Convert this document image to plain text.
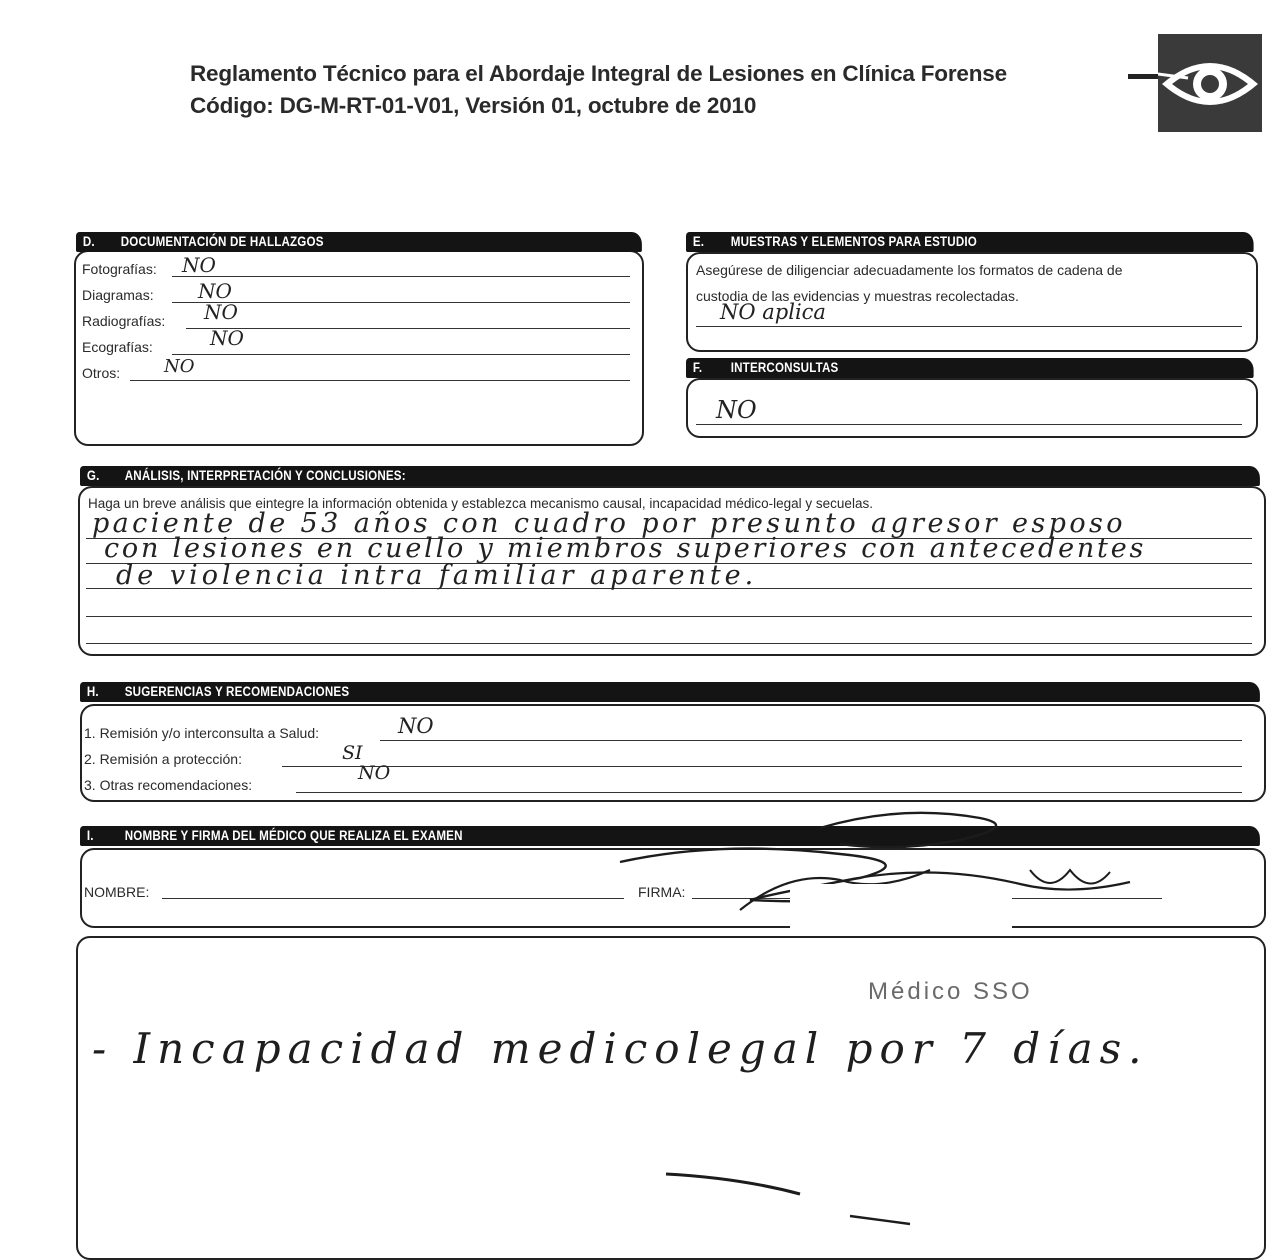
Reglamento Técnico para el Abordaje Integral de Lesiones en Clínica Forense
Código: DG-M-RT-01-V01, Versión 01, octubre de 2010
D. DOCUMENTACIÓN DE HALLAZGOS
Fotografías: NO
Diagramas: NO
Radiografías: NO
Ecografías:	NO
Otros: NO
E. MUESTRAS Y ELEMENTOS PARA ESTUDIO
Asegúrese de diligenciar adecuadamente los formatos de cadena de
custodia de las evidencias y muestras recolectadas.
NO aplica
F. INTERCONSULTAS
NO
G. ANÁLISIS, INTERPRETACIÓN Y CONCLUSIONES:
Haga un breve análisis que eintegre la información obtenida y establezca mecanismo causal, incapacidad médico-legal y secuelas.
paciente de 53 años con cuadro por presunto agresor esposo
con lesiones en cuello y miembros superiores con antecedentes
de violencia intra familiar aparente.
H. SUGERENCIAS Y RECOMENDACIONES
1. Remisión y/o interconsulta a Salud:	NO
2. Remisión a protección:	SI
3. Otras recomendaciones:
NO
I. NOMBRE Y FIRMA DEL MÉDICO QUE REALIZA EL EXAMEN
NOMBRE:	FIRMA:
Médico SSO
- Incapacidad medicolegal por 7 días.
